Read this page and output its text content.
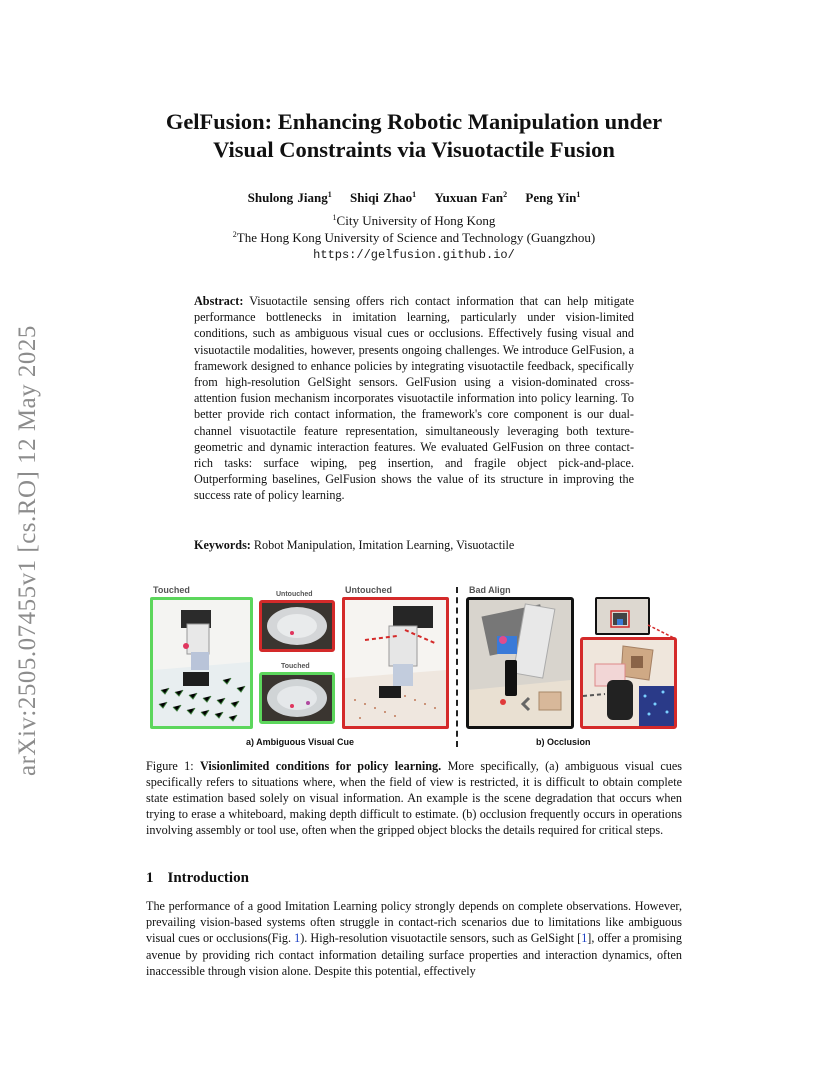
arXiv:2505.07455v1 [cs.RO] 12 May 2025
GelFusion: Enhancing Robotic Manipulation under
Visual Constraints via Visuotactile Fusion
Shulong Jiang$^1$ Shiqi Zhao$^1$ Yuxuan Fan$^2$ Peng Yin$^1$
$^1$City University of Hong Kong
$^2$The Hong Kong University of Science and Technology (Guangzhou)
https://gelfusion.github.io/

Abstract: Visuotactile sensing offers rich contact information that can help mitigate performance bottlenecks in imitation learning, particularly under vision-limited conditions, such as ambiguous visual cues or occlusions. Effectively fusing visual and visuotactile modalities, however, presents ongoing challenges. We introduce GelFusion, a framework designed to enhance policies by integrating visuotactile feedback, specifically from high-resolution GelSight sensors. GelFusion using a vision-dominated cross-attention fusion mechanism incorporates visuotactile information into policy learning. To better provide rich contact information, the framework's core component is our dual-channel visuotactile feature representation, simultaneously leveraging both texture-geometric and dynamic interaction features. We evaluated GelFusion on three contact-rich tasks: surface wiping, peg insertion, and fragile object pick-and-place. Outperforming baselines, GelFusion shows the value of its structure in improving the success rate of policy learning.

Keywords: Robot Manipulation, Imitation Learning, Visuotactile

Touched	Untouched
Touched
Untouched	Bad Align
a) Ambiguous Visual Cue	b) Occlusion

Figure 1: Visionlimited conditions for policy learning. More specifically, (a) ambiguous visual cues specifically refers to situations where, when the field of view is restricted, it is difficult to obtain complete state estimation based solely on visual information. An example is the scene degradation that occurs when trying to erase a whiteboard, making depth difficult to estimate. (b) occlusion frequently occurs in operations involving assembly or tool use, often when the gripped object blocks the details required for critical steps.

1 Introduction

The performance of a good Imitation Learning policy strongly depends on complete observations. However, prevailing vision-based systems often struggle in contact-rich scenarios due to limitations like ambiguous visual cues or occlusions(Fig. 1). High-resolution visuotactile sensors, such as GelSight [1], offer a promising avenue by providing rich contact information detailing surface properties and interaction dynamics, often inaccessible through vision alone. Despite this potential, effectively
